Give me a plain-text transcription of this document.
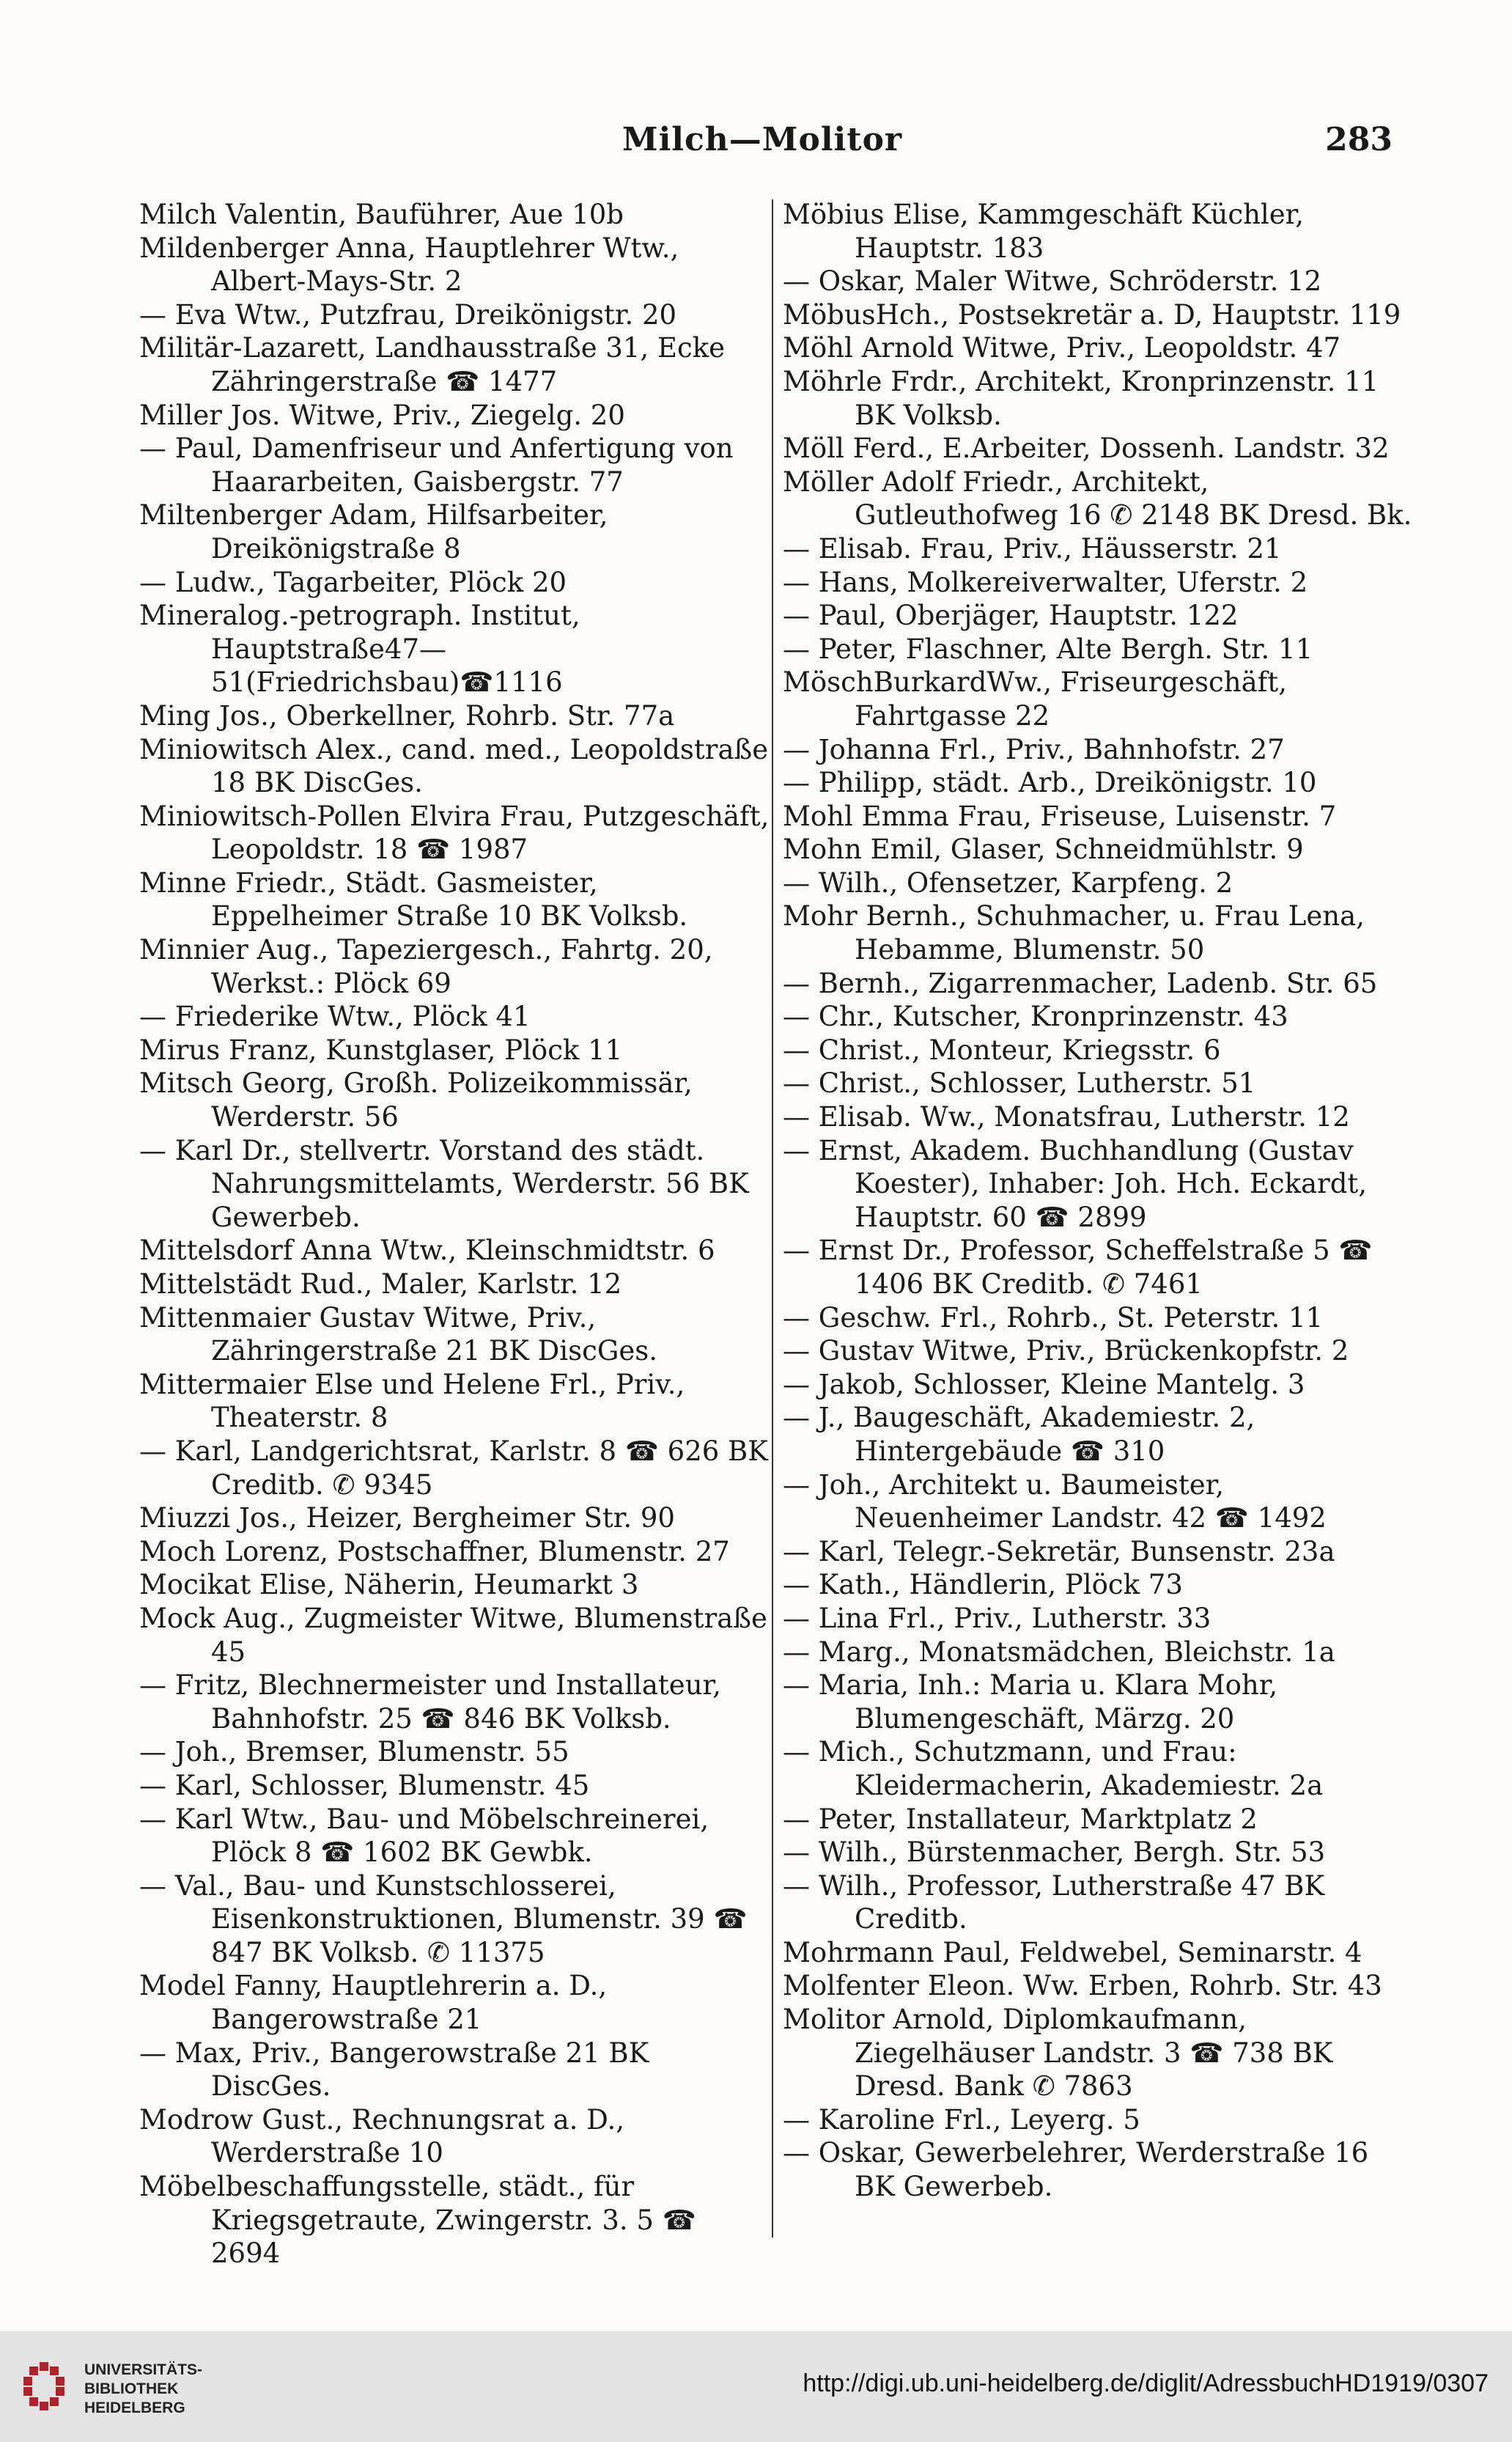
Milch—Molitor	283

Milch Valentin, Bauführer, Aue 10b

Mildenberger Anna, Hauptlehrer Wtw., Albert-Mays-Str. 2

— Eva Wtw., Putzfrau, Dreikönigstr. 20

Militär-Lazarett, Landhausstraße 31, Ecke Zähringerstraße ☎ 1477

Miller Jos. Witwe, Priv., Ziegelg. 20

— Paul, Damenfriseur und Anfertigung von Haararbeiten, Gaisbergstr. 77

Miltenberger Adam, Hilfsarbeiter, Dreikönigstraße 8

— Ludw., Tagarbeiter, Plöck 20

Mineralog.-petrograph. Institut, Hauptstraße47—51(Friedrichsbau)☎1116

Ming Jos., Oberkellner, Rohrb. Str. 77a

Miniowitsch Alex., cand. med., Leopoldstraße 18 BK DiscGes.

Miniowitsch-Pollen Elvira Frau, Putzgeschäft, Leopoldstr. 18 ☎ 1987

Minne Friedr., Städt. Gasmeister, Eppelheimer Straße 10 BK Volksb.

Minnier Aug., Tapeziergesch., Fahrtg. 20, Werkst.: Plöck 69

— Friederike Wtw., Plöck 41

Mirus Franz, Kunstglaser, Plöck 11

Mitsch Georg, Großh. Polizeikommissär, Werderstr. 56

— Karl Dr., stellvertr. Vorstand des städt. Nahrungsmittelamts, Werderstr. 56 BK Gewerbeb.

Mittelsdorf Anna Wtw., Kleinschmidtstr. 6

Mittelstädt Rud., Maler, Karlstr. 12

Mittenmaier Gustav Witwe, Priv., Zähringerstraße 21 BK DiscGes.

Mittermaier Else und Helene Frl., Priv., Theaterstr. 8

— Karl, Landgerichtsrat, Karlstr. 8 ☎ 626 BK Creditb. ✆ 9345

Miuzzi Jos., Heizer, Bergheimer Str. 90

Moch Lorenz, Postschaffner, Blumenstr. 27

Mocikat Elise, Näherin, Heumarkt 3

Mock Aug., Zugmeister Witwe, Blumenstraße 45

— Fritz, Blechnermeister und Installateur, Bahnhofstr. 25 ☎ 846 BK Volksb.

— Joh., Bremser, Blumenstr. 55

— Karl, Schlosser, Blumenstr. 45

— Karl Wtw., Bau- und Möbelschreinerei, Plöck 8 ☎ 1602 BK Gewbk.

— Val., Bau- und Kunstschlosserei, Eisenkonstruktionen, Blumenstr. 39 ☎ 847 BK Volksb. ✆ 11375

Model Fanny, Hauptlehrerin a. D., Bangerowstraße 21

— Max, Priv., Bangerowstraße 21 BK DiscGes.

Modrow Gust., Rechnungsrat a. D., Werderstraße 10

Möbelbeschaffungsstelle, städt., für Kriegsgetraute, Zwingerstr. 3. 5 ☎ 2694

Möbius Elise, Kammgeschäft Küchler, Hauptstr. 183

— Oskar, Maler Witwe, Schröderstr. 12

MöbusHch., Postsekretär a. D, Hauptstr. 119

Möhl Arnold Witwe, Priv., Leopoldstr. 47

Möhrle Frdr., Architekt, Kronprinzenstr. 11 BK Volksb.

Möll Ferd., E.Arbeiter, Dossenh. Landstr. 32

Möller Adolf Friedr., Architekt, Gutleuthofweg 16 ✆ 2148 BK Dresd. Bk.

— Elisab. Frau, Priv., Häusserstr. 21

— Hans, Molkereiverwalter, Uferstr. 2

— Paul, Oberjäger, Hauptstr. 122

— Peter, Flaschner, Alte Bergh. Str. 11

MöschBurkardWw., Friseurgeschäft, Fahrtgasse 22

— Johanna Frl., Priv., Bahnhofstr. 27

— Philipp, städt. Arb., Dreikönigstr. 10

Mohl Emma Frau, Friseuse, Luisenstr. 7

Mohn Emil, Glaser, Schneidmühlstr. 9

— Wilh., Ofensetzer, Karpfeng. 2

Mohr Bernh., Schuhmacher, u. Frau Lena, Hebamme, Blumenstr. 50

— Bernh., Zigarrenmacher, Ladenb. Str. 65

— Chr., Kutscher, Kronprinzenstr. 43

— Christ., Monteur, Kriegsstr. 6

— Christ., Schlosser, Lutherstr. 51

— Elisab. Ww., Monatsfrau, Lutherstr. 12

— Ernst, Akadem. Buchhandlung (Gustav Koester), Inhaber: Joh. Hch. Eckardt, Hauptstr. 60 ☎ 2899

— Ernst Dr., Professor, Scheffelstraße 5 ☎ 1406 BK Creditb. ✆ 7461

— Geschw. Frl., Rohrb., St. Peterstr. 11

— Gustav Witwe, Priv., Brückenkopfstr. 2

— Jakob, Schlosser, Kleine Mantelg. 3

— J., Baugeschäft, Akademiestr. 2, Hintergebäude ☎ 310

— Joh., Architekt u. Baumeister, Neuenheimer Landstr. 42 ☎ 1492

— Karl, Telegr.-Sekretär, Bunsenstr. 23a

— Kath., Händlerin, Plöck 73

— Lina Frl., Priv., Lutherstr. 33

— Marg., Monatsmädchen, Bleichstr. 1a

— Maria, Inh.: Maria u. Klara Mohr, Blumengeschäft, Märzg. 20

— Mich., Schutzmann, und Frau: Kleidermacherin, Akademiestr. 2a

— Peter, Installateur, Marktplatz 2

— Wilh., Bürstenmacher, Bergh. Str. 53

— Wilh., Professor, Lutherstraße 47 BK Creditb.

Mohrmann Paul, Feldwebel, Seminarstr. 4

Molfenter Eleon. Ww. Erben, Rohrb. Str. 43

Molitor Arnold, Diplomkaufmann, Ziegelhäuser Landstr. 3 ☎ 738 BK Dresd. Bank ✆ 7863

— Karoline Frl., Leyerg. 5

— Oskar, Gewerbelehrer, Werderstraße 16 BK Gewerbeb.

UNIVERSITÄTS-
BIBLIOTHEK
HEIDELBERG
http://digi.ub.uni-heidelberg.de/diglit/AdressbuchHD1919/0307
